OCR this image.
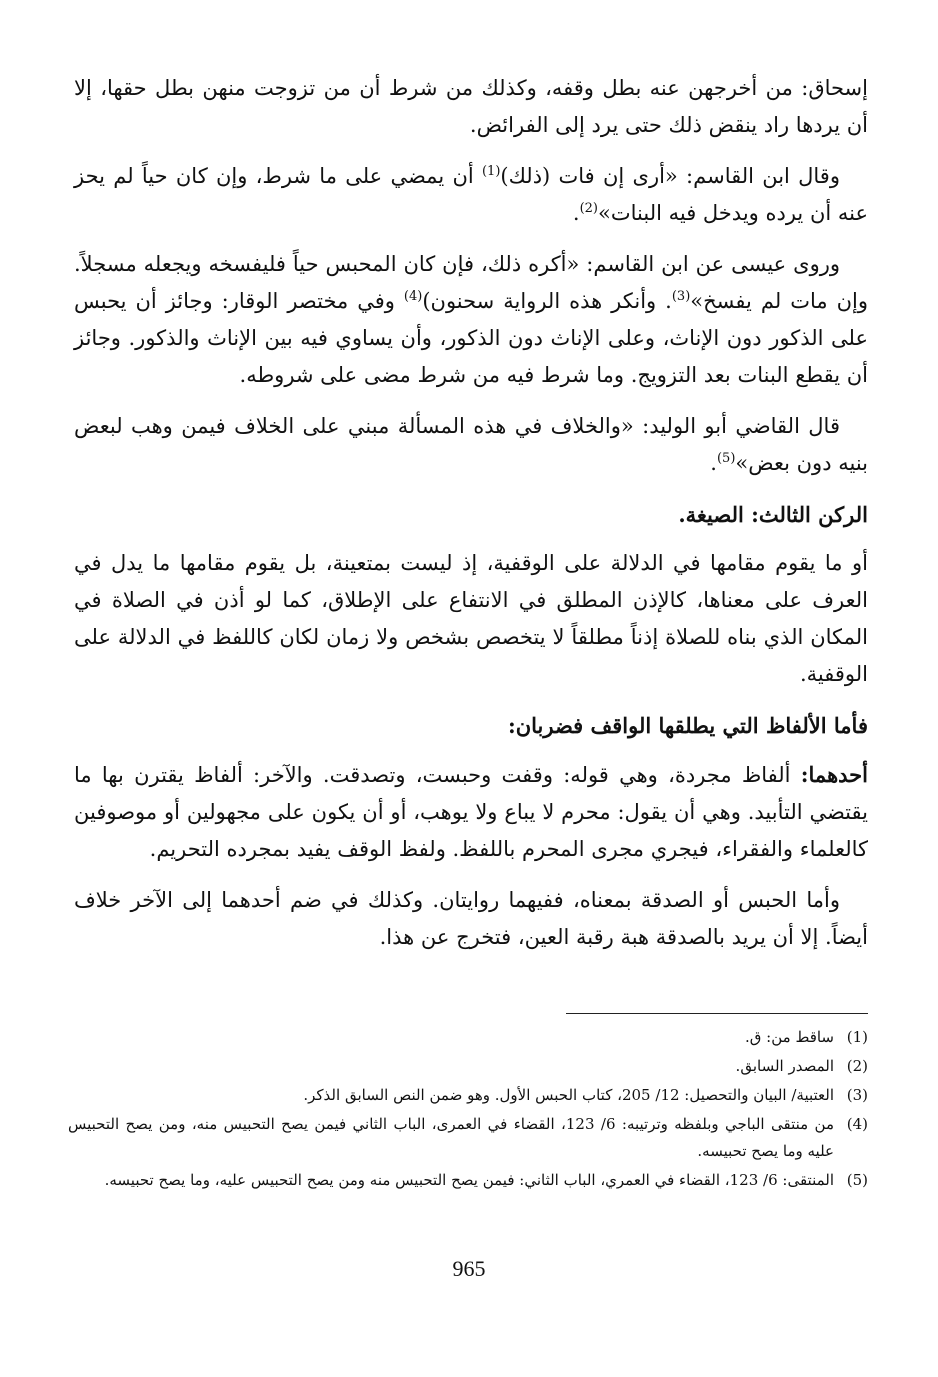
إسحاق: من أخرجهن عنه بطل وقفه، وكذلك من شرط أن من تزوجت منهن بطل حقها، إلا أن يردها راد ينقض ذلك حتى يرد إلى الفرائض.

وقال ابن القاسم: «أرى إن فات (ذلك)$^{(1)}$ أن يمضي على ما شرط، وإن كان حياً لم يحز عنه أن يرده ويدخل فيه البنات»$^{(2)}$.

وروى عيسى عن ابن القاسم: «أكره ذلك، فإن كان المحبس حياً فليفسخه ويجعله مسجلاً. وإن مات لم يفسخ»$^{(3)}$. وأنكر هذه الرواية سحنون)$^{(4)}$ وفي مختصر الوقار: وجائز أن يحبس على الذكور دون الإناث، وعلى الإناث دون الذكور، وأن يساوي فيه بين الإناث والذكور. وجائز أن يقطع البنات بعد التزويج. وما شرط فيه من شرط مضى على شروطه.

قال القاضي أبو الوليد: «والخلاف في هذه المسألة مبني على الخلاف فيمن وهب لبعض بنيه دون بعض»$^{(5)}$.

الركن الثالث: الصيغة.

أو ما يقوم مقامها في الدلالة على الوقفية، إذ ليست بمتعينة، بل يقوم مقامها ما يدل في العرف على معناها، كالإذن المطلق في الانتفاع على الإطلاق، كما لو أذن في الصلاة في المكان الذي بناه للصلاة إذناً مطلقاً لا يتخصص بشخص ولا زمان لكان كاللفظ في الدلالة على الوقفية.

فأما الألفاظ التي يطلقها الواقف فضربان:

أحدهما: ألفاظ مجردة، وهي قوله: وقفت وحبست، وتصدقت. والآخر: ألفاظ يقترن بها ما يقتضي التأبيد. وهي أن يقول: محرم لا يباع ولا يوهب، أو أن يكون على مجهولين أو موصوفين كالعلماء والفقراء، فيجري مجرى المحرم باللفظ. ولفظ الوقف يفيد بمجرده التحريم.

وأما الحبس أو الصدقة بمعناه، ففيهما روايتان. وكذلك في ضم أحدهما إلى الآخر خلاف أيضاً. إلا أن يريد بالصدقة هبة رقبة العين، فتخرج عن هذا.

(1)
ساقط من: ق.
(2)
المصدر السابق.
(3)
العتبية/ البيان والتحصيل: 12/ 205، كتاب الحبس الأول. وهو ضمن النص السابق الذكر.
(4)
من منتقى الباجي وبلفظه وترتيبه: 6/ 123، القضاء في العمرى، الباب الثاني فيمن يصح التحبيس منه، ومن يصح التحبيس عليه وما يصح تحبيسه.
(5)
المنتقى: 6/ 123، القضاء في العمري، الباب الثاني: فيمن يصح التحبيس منه ومن يصح التحبيس عليه، وما يصح تحبيسه.
965
